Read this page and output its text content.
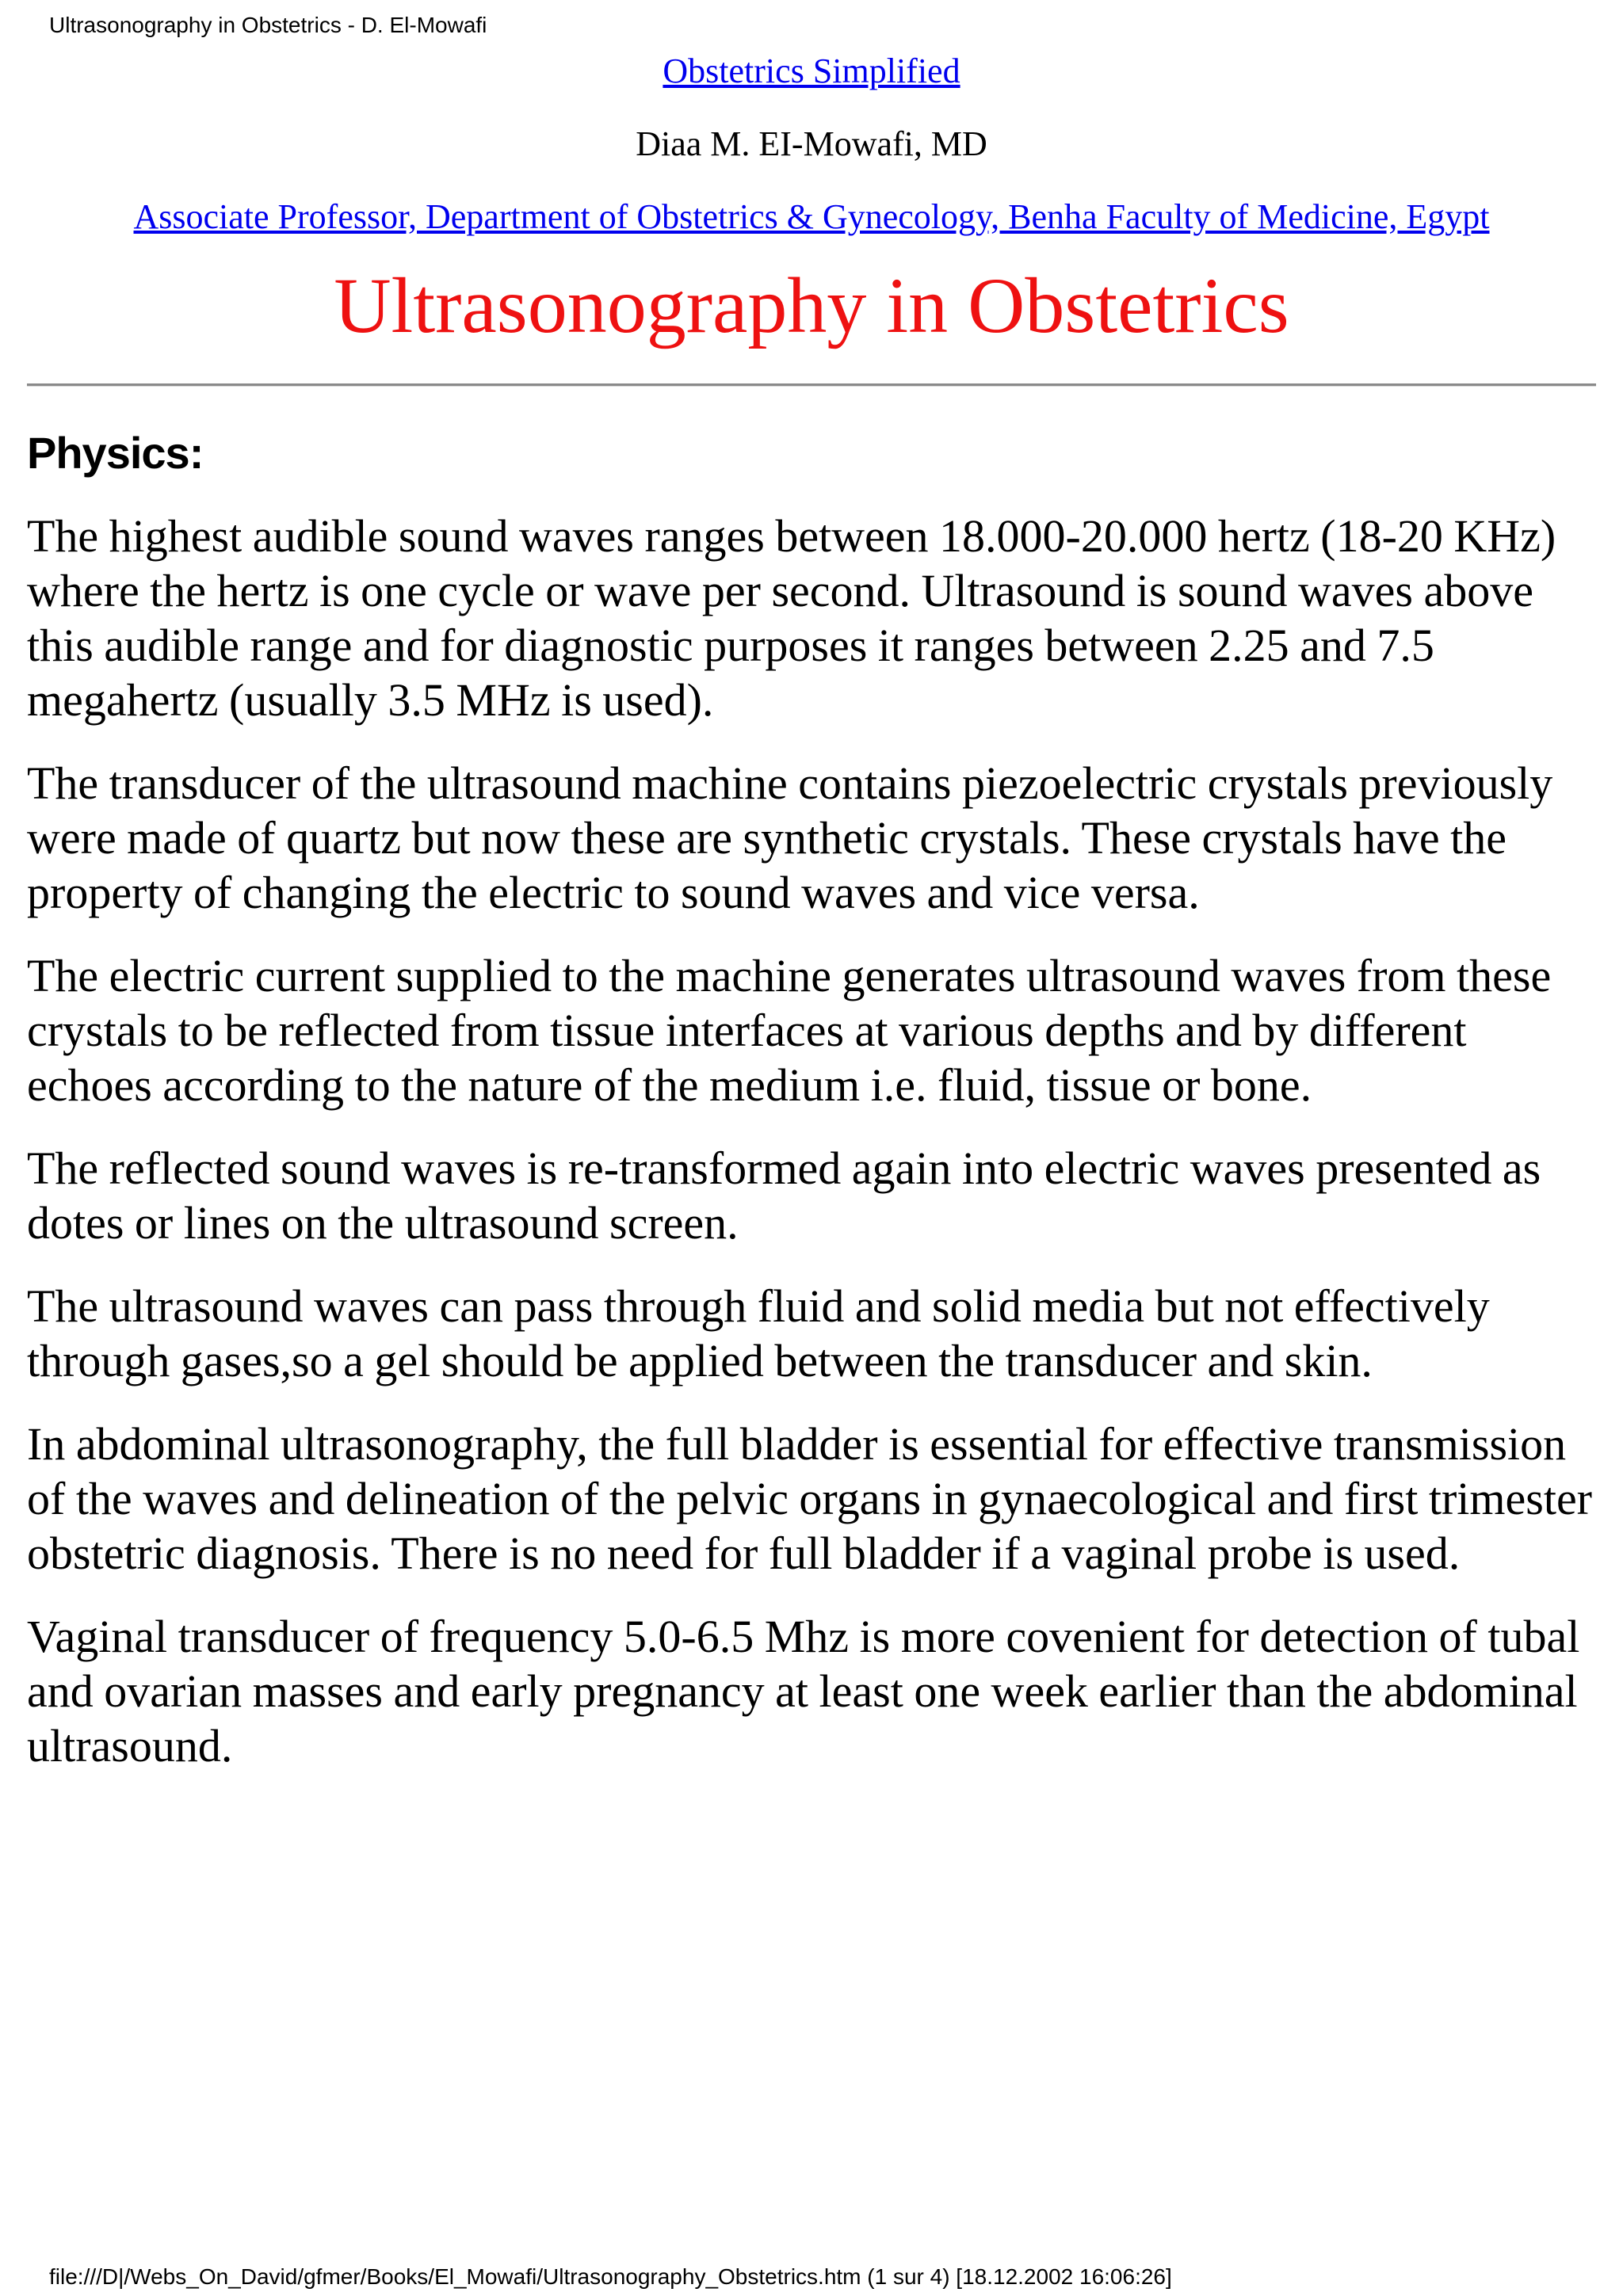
Ultrasonography in Obstetrics - D. El-Mowafi

Obstetrics Simplified

Diaa M. EI-Mowafi, MD

Associate Professor, Department of Obstetrics & Gynecology, Benha Faculty of Medicine, Egypt

Ultrasonography in Obstetrics
Physics:

The highest audible sound waves ranges between 18.000-20.000 hertz (18-20 KHz) where the hertz is one cycle or wave per second. Ultrasound is sound waves above this audible range and for diagnostic purposes it ranges between 2.25 and 7.5 megahertz (usually 3.5 MHz is used).

The transducer of the ultrasound machine contains piezoelectric crystals previously were made of quartz but now these are synthetic crystals. These crystals have the property of changing the electric to sound waves and vice versa.

The electric current supplied to the machine generates ultrasound waves from these crystals to be reflected from tissue interfaces at various depths and by different echoes according to the nature of the medium i.e. fluid, tissue or bone.

The reflected sound waves is re-transformed again into electric waves presented as dotes or lines on the ultrasound screen.

The ultrasound waves can pass through fluid and solid media but not effectively through gases,so a gel should be applied between the transducer and skin.

In abdominal ultrasonography, the full bladder is essential for effective transmission of the waves and delineation of the pelvic organs in gynaecological and first trimester obstetric diagnosis. There is no need for full bladder if a vaginal probe is used.

Vaginal transducer of frequency 5.0-6.5 Mhz is more covenient for detection of tubal and ovarian masses and early pregnancy at least one week earlier than the abdominal ultrasound.

file:///D|/Webs_On_David/gfmer/Books/El_Mowafi/Ultrasonography_Obstetrics.htm (1 sur 4) [18.12.2002 16:06:26]
